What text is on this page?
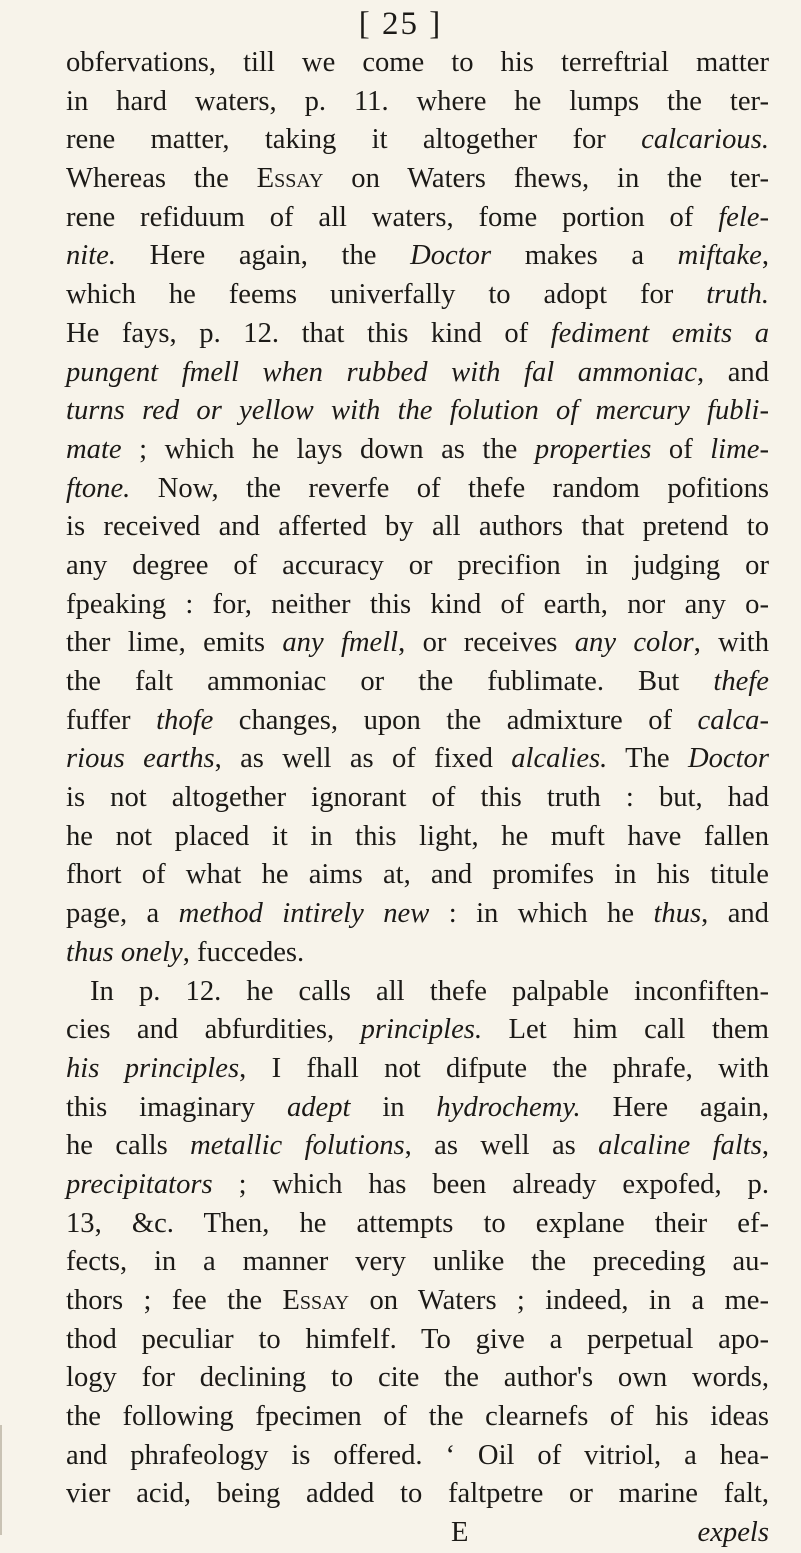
[ 25 ]
obfervations, till we come to his terreftrial matter
in hard waters, p. 11. where he lumps the ter-
rene matter, taking it altogether for calcarious.
Whereas the Essay on Waters fhews, in the ter-
rene refiduum of all waters, fome portion of fele-
nite. Here again, the Doctor makes a miftake,
which he feems univerfally to adopt for truth.
He fays, p. 12. that this kind of fediment emits a
pungent fmell when rubbed with fal ammoniac, and
turns red or yellow with the folution of mercury fubli-
mate ; which he lays down as the properties of lime-
ftone. Now, the reverfe of thefe random pofitions
is received and afferted by all authors that pretend to
any degree of accuracy or precifion in judging or
fpeaking : for, neither this kind of earth, nor any o-
ther lime, emits any fmell, or receives any color, with
the falt ammoniac or the fublimate. But thefe
fuffer thofe changes, upon the admixture of calca-
rious earths, as well as of fixed alcalies. The Doctor
is not altogether ignorant of this truth : but, had
he not placed it in this light, he muft have fallen
fhort of what he aims at, and promifes in his titule
page, a method intirely new : in which he thus, and
thus onely, fuccedes.
In p. 12. he calls all thefe palpable inconfiften-
cies and abfurdities, principles. Let him call them
his principles, I fhall not difpute the phrafe, with
this imaginary adept in hydrochemy. Here again,
he calls metallic folutions, as well as alcaline falts,
precipitators ; which has been already expofed, p.
13, &c. Then, he attempts to explane their ef-
fects, in a manner very unlike the preceding au-
thors ; fee the Essay on Waters ; indeed, in a me-
thod peculiar to himfelf. To give a perpetual apo-
logy for declining to cite the author's own words,
the following fpecimen of the clearnefs of his ideas
and phrafeology is offered. ‘ Oil of vitriol, a hea-
vier acid, being added to faltpetre or marine falt,
E	expels
